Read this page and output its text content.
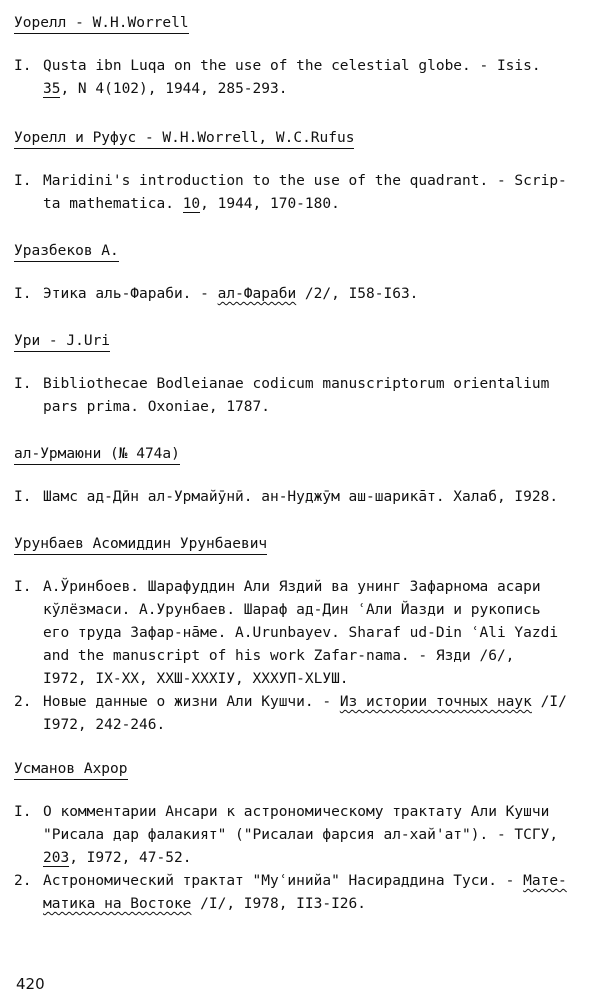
Уорелл - W.H.Worrell
I. Qusta ibn Luqa on the use of the celestial globe. - Isis.
35, N 4(102), 1944, 285-293.
Уорелл и Руфус - W.H.Worrell, W.C.Rufus
I. Maridini's introduction to the use of the quadrant. - Scrip-
ta mathematica. 10, 1944, 170-180.
Уразбеков А.
I. Этика аль-Фараби. - ал-Фараби /2/, I58-I63.
Ури - J.Uri
I. Bibliothecae Bodleianae codicum manuscriptorum orientalium
pars prima. Oxoniae, 1787.
ал-Урмаюни (№ 474а)
I. Шамс ад-Дӣн ал-Урмайӯнӣ. ан-Нуджӯм аш-шарикāт. Халаб, I928.
Урунбаев Асомиддин Урунбаевич
I. А.Ўринбоев. Шарафуддин Али Яздий ва унинг Зафарнома асари
кўлёзмаси. А.Урунбаев. Шараф ад-Дин ʿАли Йазди и рукопись
его труда Зафар-нāме. A.Urunbayev. Sharaf ud-Din ʿAli Yazdi
and the manuscript of his work Zafar-nama. - Язди /6/,
I972, IX-XX, XXШ-XXXIУ, XXXУП-XLУШ.
2. Новые данные о жизни Али Кушчи. - Из истории точных наук /I/
I972, 242-246.
Усманов Ахрор
I. О комментарии Ансари к астрономическому трактату Али Кушчи
"Рисала дар фалакият" ("Рисалаи фарсия ал-хай'ат"). - ТСГУ,
203, I972, 47-52.
2. Астрономический трактат "Муʿинийа" Насираддина Туси. - Мате-
матика на Востоке /I/, I978, II3-I26.
420
